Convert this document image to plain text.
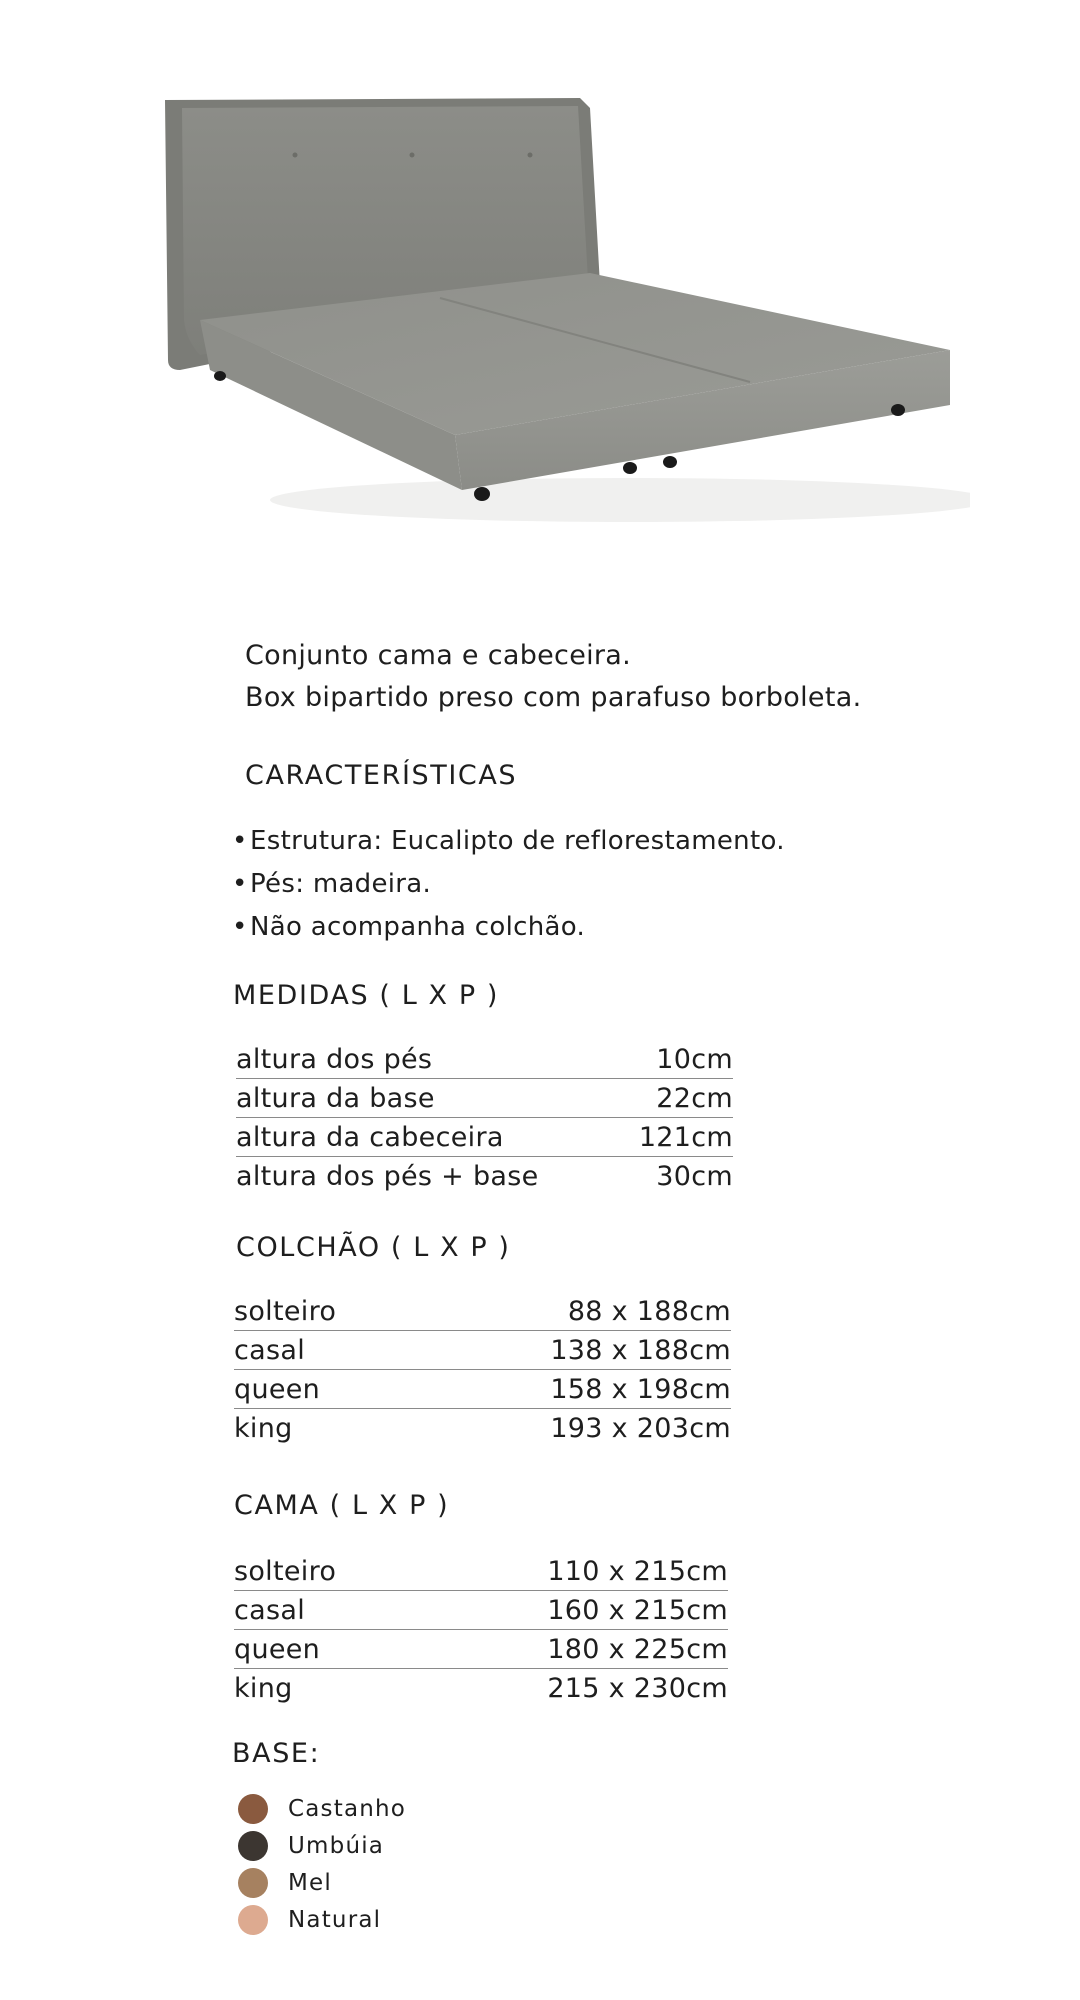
Conjunto cama e cabeceira.
Box bipartido preso com parafuso borboleta.
CARACTERÍSTICAS
•Estrutura: Eucalipto de reflorestamento.
•Pés: madeira.
•Não acompanha colchão.
MEDIDAS ( L X P )
altura dos pés	10cm
altura da base	22cm
altura da cabeceira	121cm
altura dos pés + base	30cm
COLCHÃO ( L X P )
solteiro	88 x 188cm
casal	138 x 188cm
queen	158 x 198cm
king	193 x 203cm
CAMA ( L X P )
solteiro	110 x 215cm
casal	160 x 215cm
queen	180 x 225cm
king	215 x 230cm
BASE:
Castanho
Umbúia
Mel
Natural
